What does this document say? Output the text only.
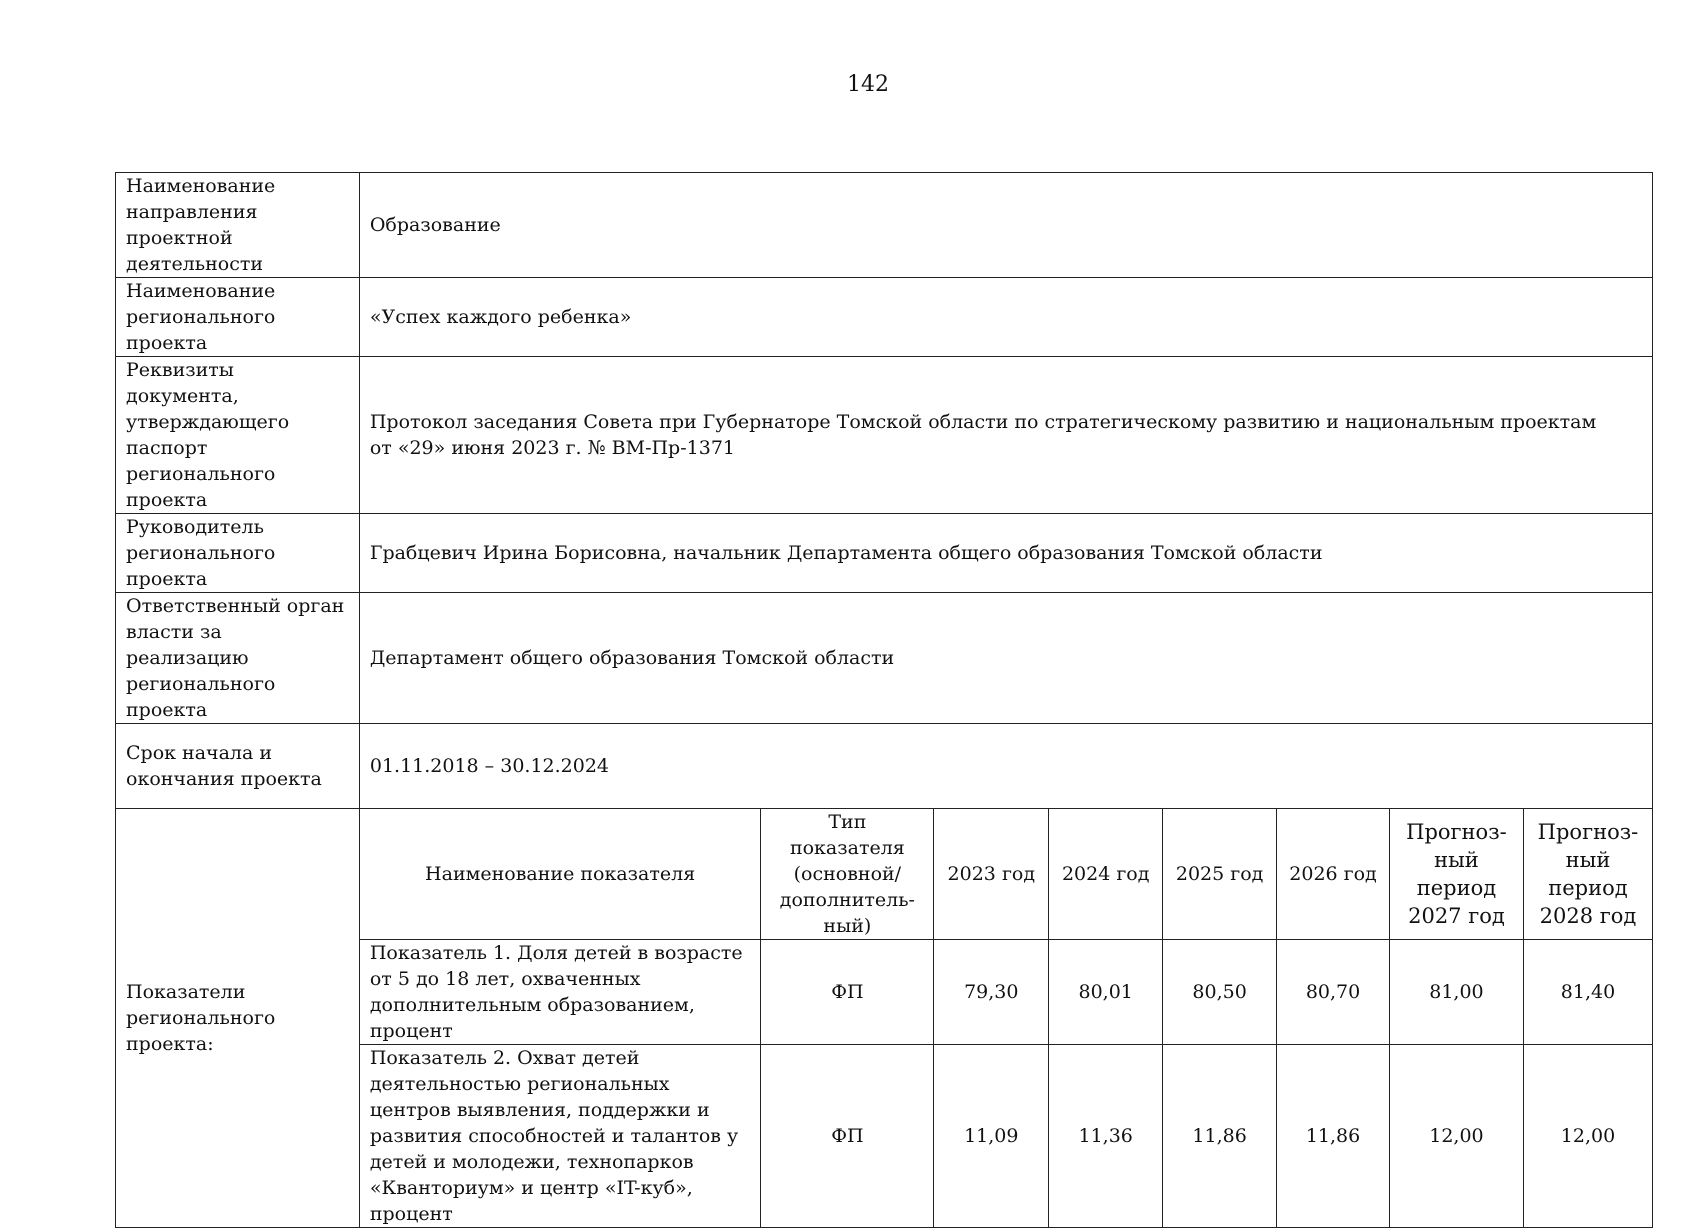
142
Наименование направления проектной деятельности	Образование							
Наименование регионального проекта	«Успех каждого ребенка»							
Реквизиты документа, утверждающего паспорт регионального проекта	Протокол заседания Совета при Губернаторе Томской области по стратегическому развитию и национальным проектам
от «29» июня 2023 г. № ВМ-Пр-1371							

Руководитель регионального проекта	Грабцевич Ирина Борисовна, начальник Департамента общего образования Томской области							
Ответственный орган власти за реализацию регионального проекта	Департамент общего образования Томской области							
Срок начала и окончания проекта	01.11.2018 – 30.12.2024							
Показатели регионального проекта:	Наименование показателя	Тип показателя (основной/ дополнитель-ный)	2023 год	2024 год	2025 год	2026 год	Прогноз-ный период 2027 год	Прогноз-ный период 2028 год
	Показатель 1. Доля детей в возрасте от 5 до 18 лет, охваченных дополнительным образованием, процент	ФП	79,30	80,01	80,50	80,70	81,00	81,40
	Показатель 2. Охват детей деятельностью региональных центров выявления, поддержки и развития способностей и талантов у детей и молодежи, технопарков «Кванториум» и центр «IT-куб», процент	ФП	11,09	11,36	11,86	11,86	12,00	12,00
